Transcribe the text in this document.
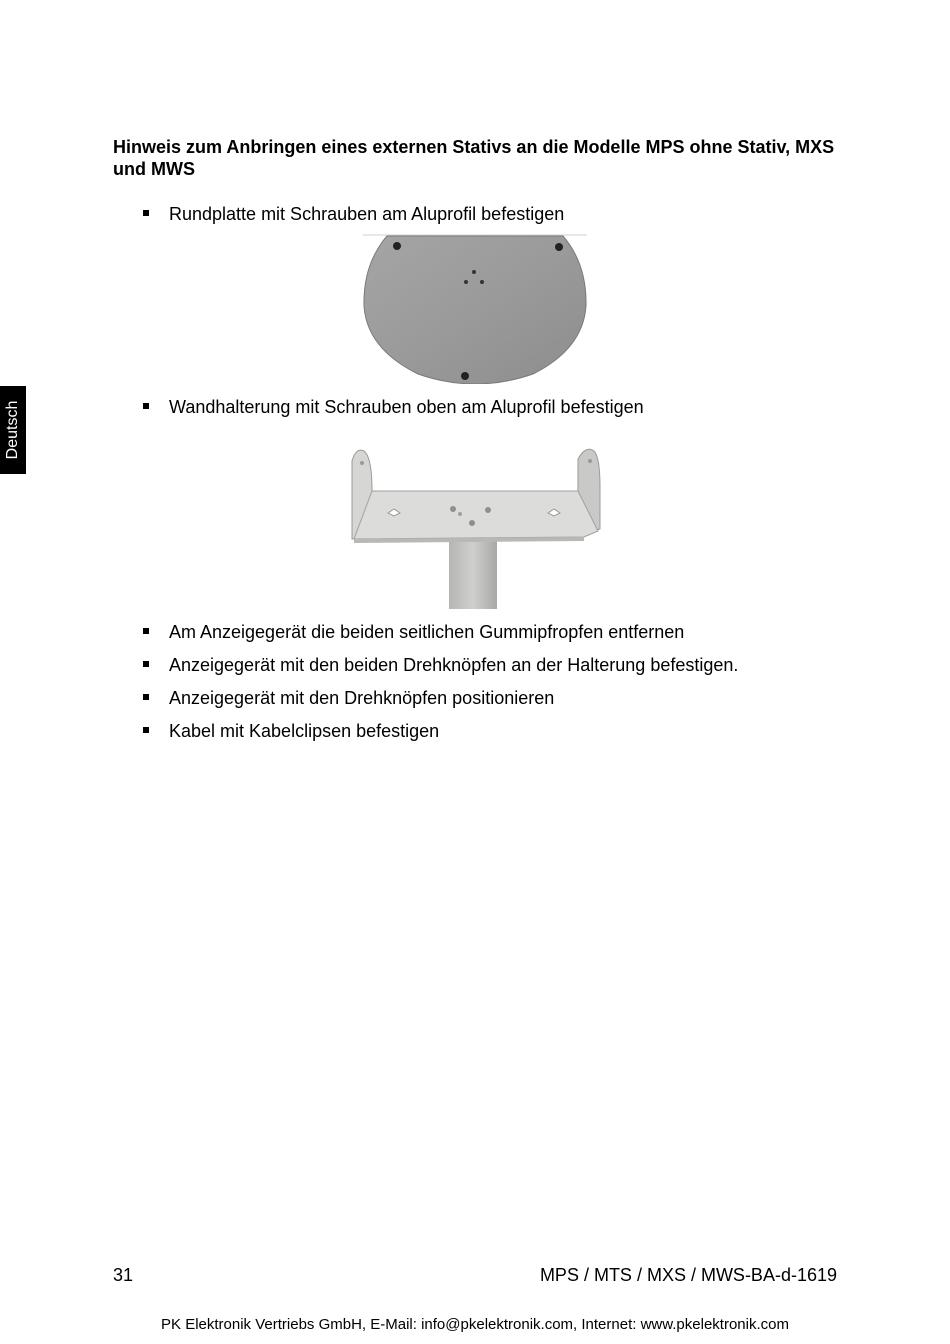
Deutsch
Hinweis zum Anbringen eines externen Stativs an die Modelle MPS ohne Stativ, MXS und MWS
Rundplatte mit Schrauben am Aluprofil befestigen
Wandhalterung mit Schrauben oben am Aluprofil befestigen
Am Anzeigegerät die beiden seitlichen Gummipfropfen entfernen
Anzeigegerät mit den beiden Drehknöpfen an der Halterung befestigen.
Anzeigegerät mit den Drehknöpfen positionieren
Kabel mit Kabelclipsen befestigen
31	MPS / MTS / MXS / MWS-BA-d-1619
PK Elektronik Vertriebs GmbH, E-Mail: info@pkelektronik.com, Internet: www.pkelektronik.com
